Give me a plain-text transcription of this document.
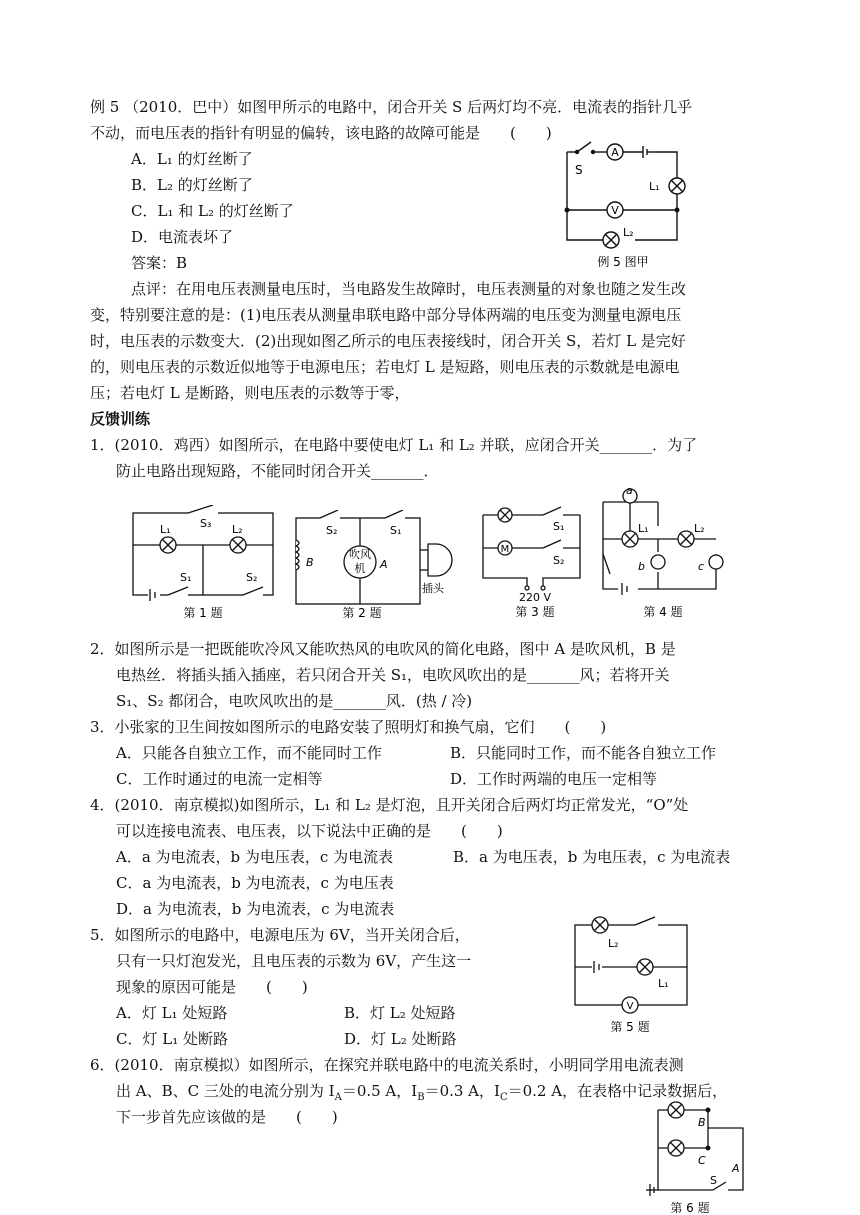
例 5 （2010．巴中）如图甲所示的电路中，闭合开关 S 后两灯均不亮．电流表的指针几乎
不动，而电压表的指针有明显的偏转，该电路的故障可能是　　(　　)
A．L₁ 的灯丝断了
B．L₂ 的灯丝断了
C．L₁ 和 L₂ 的灯丝断了
D．电流表坏了
答案：B
点评：在用电压表测量电压时，当电路发生故障时，电压表测量的对象也随之发生改
变，特别要注意的是：(1)电压表从测量串联电路中部分导体两端的电压变为测量电源电压
时，电压表的示数变大．(2)出现如图乙所示的电压表接线时，闭合开关 S，若灯 L 是完好
的，则电压表的示数近似地等于电源电压；若电灯 L 是短路，则电压表的示数就是电源电
压；若电灯 L 是断路，则电压表的示数等于零，
A
V
S
L₁
L₂
例 5 图甲
反馈训练
1．(2010．鸡西）如图所示，在电路中要使电灯 L₁ 和 L₂ 并联，应闭合开关_______．为了
防止电路出现短路，不能同时闭合开关_______．
L₁	L₂
S₃
S₁	S₂
第 1 题
吹风
机 A
B
S₂	S₁
插头
第 2 题
M
S₁
S₂
220 V
第 3 题
a
b	c
L₁	L₂
第 4 题
2．如图所示是一把既能吹冷风又能吹热风的电吹风的简化电路，图中 A 是吹风机，B 是
电热丝．将插头插入插座，若只闭合开关 S₁，电吹风吹出的是_______风；若将开关
S₁、S₂ 都闭合，电吹风吹出的是_______风．(热 / 冷)
3．小张家的卫生间按如图所示的电路安装了照明灯和换气扇，它们　　(　　)
A．只能各自独立工作，而不能同时工作	B．只能同时工作，而不能各自独立工作
C．工作时通过的电流一定相等	D．工作时两端的电压一定相等
4．(2010．南京模拟)如图所示，L₁ 和 L₂ 是灯泡，且开关闭合后两灯均正常发光，“O”处
可以连接电流表、电压表，以下说法中正确的是　　(　　)
A．a 为电流表，b 为电压表，c 为电流表	B．a 为电压表，b 为电压表，c 为电流表
C．a 为电流表，b 为电流表，c 为电压表
D．a 为电流表，b 为电流表，c 为电流表
5．如图所示的电路中，电源电压为 6V，当开关闭合后，
只有一只灯泡发光，且电压表的示数为 6V，产生这一
现象的原因可能是　　(　　)
A．灯 L₁ 处短路	B．灯 L₂ 处短路
C．灯 L₁ 处断路	D．灯 L₂ 处断路
L₂
L₁
V
第 5 题
6．(2010．南京模拟）如图所示，在探究并联电路中的电流关系时，小明同学用电流表测
出 A、B、C 三处的电流分别为 $I_A=0.5$ A，$I_B=0.3$ A，$I_C=0.2$ A，在表格中记录数据后，
下一步首先应该做的是　　(　　)	B
C
A
S
第 6 题
